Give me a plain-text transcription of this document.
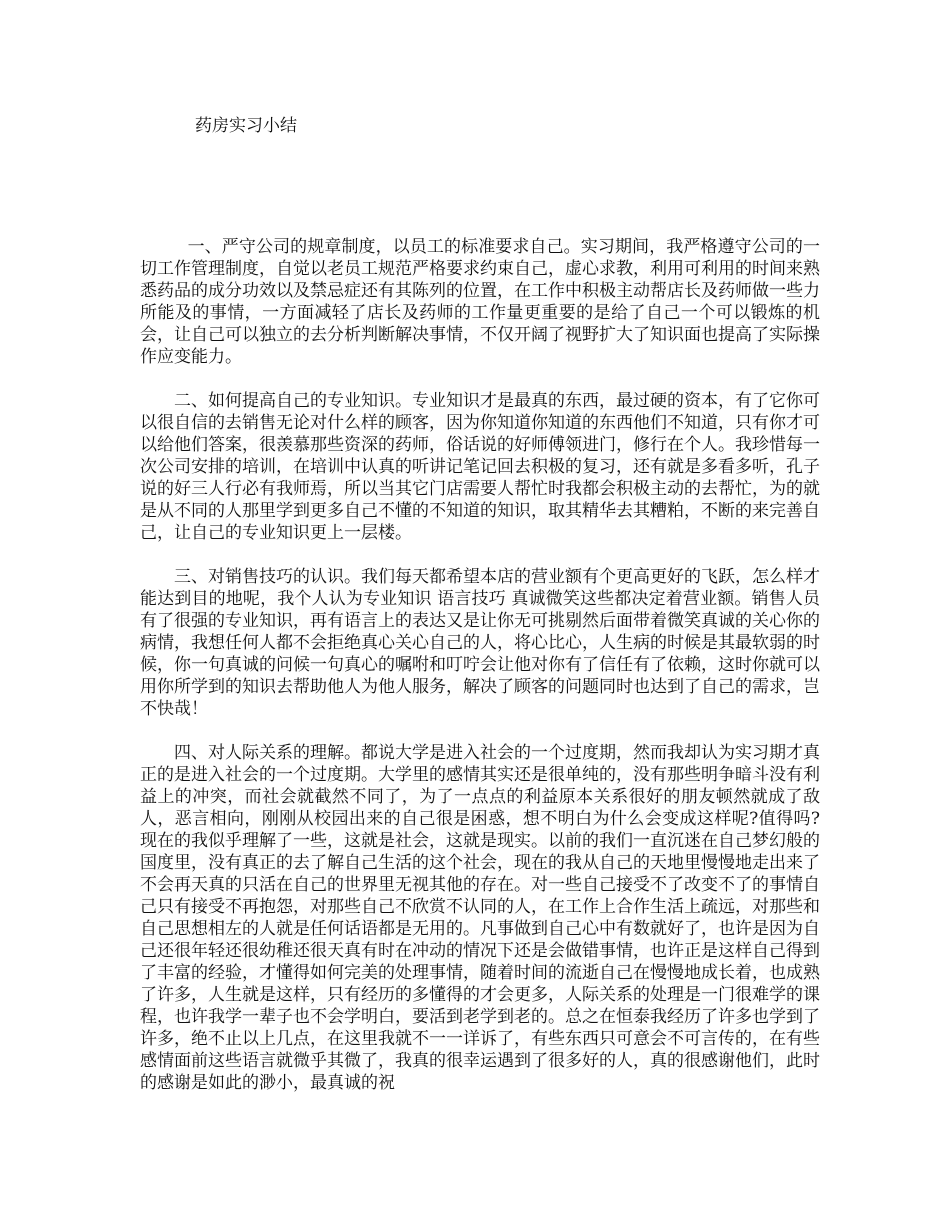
药房实习小结

一、严守公司的规章制度，以员工的标准要求自己。实习期间，我严格遵守公司的一切工作管理制度，自觉以老员工规范严格要求约束自己，虚心求教，利用可利用的时间来熟悉药品的成分功效以及禁忌症还有其陈列的位置，在工作中积极主动帮店长及药师做一些力所能及的事情，一方面减轻了店长及药师的工作量更重要的是给了自己一个可以锻炼的机会，让自己可以独立的去分析判断解决事情，不仅开阔了视野扩大了知识面也提高了实际操作应变能力。

二、如何提高自己的专业知识。专业知识才是最真的东西，最过硬的资本，有了它你可以很自信的去销售无论对什么样的顾客，因为你知道你知道的东西他们不知道，只有你才可以给他们答案，很羡慕那些资深的药师，俗话说的好师傅领进门，修行在个人。我珍惜每一次公司安排的培训，在培训中认真的听讲记笔记回去积极的复习，还有就是多看多听，孔子说的好三人行必有我师焉，所以当其它门店需要人帮忙时我都会积极主动的去帮忙，为的就是从不同的人那里学到更多自己不懂的不知道的知识，取其精华去其糟粕，不断的来完善自己，让自己的专业知识更上一层楼。

三、对销售技巧的认识。我们每天都希望本店的营业额有个更高更好的飞跃，怎么样才能达到目的地呢，我个人认为专业知识 语言技巧 真诚微笑这些都决定着营业额。销售人员有了很强的专业知识，再有语言上的表达又是让你无可挑剔然后面带着微笑真诚的关心你的病情，我想任何人都不会拒绝真心关心自己的人，将心比心，人生病的时候是其最软弱的时候，你一句真诚的问候一句真心的嘱咐和叮咛会让他对你有了信任有了依赖，这时你就可以用你所学到的知识去帮助他人为他人服务，解决了顾客的问题同时也达到了自己的需求，岂不快哉！

四、对人际关系的理解。都说大学是进入社会的一个过度期，然而我却认为实习期才真正的是进入社会的一个过度期。大学里的感情其实还是很单纯的，没有那些明争暗斗没有利益上的冲突，而社会就截然不同了，为了一点点的利益原本关系很好的朋友顿然就成了敌人，恶言相向，刚刚从校园出来的自己很是困惑，想不明白为什么会变成这样呢?值得吗?现在的我似乎理解了一些，这就是社会，这就是现实。以前的我们一直沉迷在自己梦幻般的国度里，没有真正的去了解自己生活的这个社会，现在的我从自己的天地里慢慢地走出来了不会再天真的只活在自己的世界里无视其他的存在。对一些自己接受不了改变不了的事情自己只有接受不再抱怨，对那些自己不欣赏不认同的人，在工作上合作生活上疏远，对那些和自己思想相左的人就是任何话语都是无用的。凡事做到自己心中有数就好了，也许是因为自己还很年轻还很幼稚还很天真有时在冲动的情况下还是会做错事情，也许正是这样自己得到了丰富的经验，才懂得如何完美的处理事情，随着时间的流逝自己在慢慢地成长着，也成熟了许多，人生就是这样，只有经历的多懂得的才会更多，人际关系的处理是一门很难学的课程，也许我学一辈子也不会学明白，要活到老学到老的。总之在恒泰我经历了许多也学到了许多，绝不止以上几点，在这里我就不一一详诉了，有些东西只可意会不可言传的，在有些感情面前这些语言就微乎其微了，我真的很幸运遇到了很多好的人，真的很感谢他们，此时的感谢是如此的渺小，最真诚的祝
